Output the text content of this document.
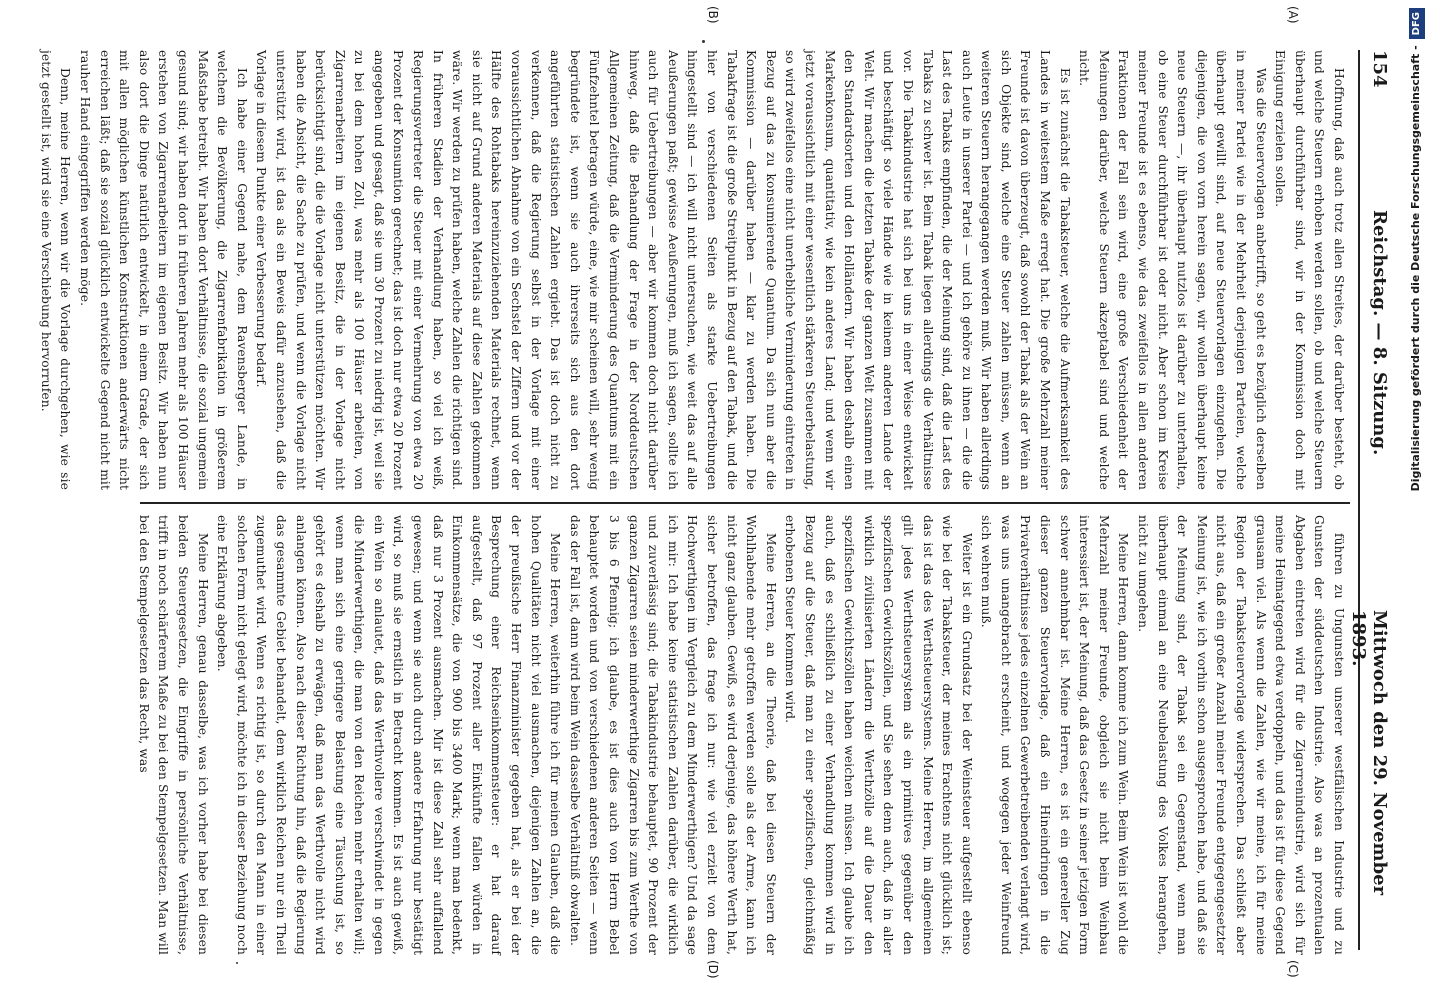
154
Reichstag. — 8. Sitzung.
Mittwoch den 29. November 1893.
(A)
(B)
(C)
(D)

Hoffnung, daß auch trotz allen Streites, der darüber besteht, ob und welche Steuern erhoben werden sollen, ob und welche Steuern überhaupt durchführbar sind, wir in der Kommission doch mit Einigung erzielen sollen.

Was die Steuervorlagen anbetrifft, so geht es bezüglich derselben in meiner Partei wie in der Mehrheit derjenigen Parteien, welche überhaupt gewillt sind, auf neue Steuervorlagen einzugehen. Die diejenigen, die von vorn herein sagen, wir wollen überhaupt keine neue Steuern —, ihr überhaupt nutzlos ist darüber zu unterhalten, ob eine Steuer durchführbar ist oder nicht. Aber schon im Kreise meiner Freunde ist es ebenso, wie das zweifellos in allen anderen Fraktionen der Fall sein wird, eine große Verschiedenheit der Meinungen darüber, welche Steuern akzeptabel sind und welche nicht.

Es ist zunächst die Tabaksteuer, welche die Aufmerksamkeit des Landes in weitestem Maße erregt hat. Die große Mehrzahl meiner Freunde ist davon überzeugt, daß sowohl der Tabak als der Wein an sich Objekte sind, welche eine Steuer zahlen müssen, wenn an weiteren Steuern herangegangen werden muß. Wir haben allerdings auch Leute in unserer Partei — und ich gehöre zu ihnen — die die Last des Tabaks empfinden, die der Meinung sind, daß die Last des Tabaks zu schwer ist. Beim Tabak liegen allerdings die Verhältnisse vor. Die Tabakindustrie hat sich bei uns in einer Weise entwickelt und beschäftigt so viele Hände wie in keinem anderen Lande der Welt. Wir machen die letzten Tabake der ganzen Welt zusammen mit den Standardsorten und den Holländern. Wir haben deshalb einen Markenkonsum, quantitativ, wie kein anderes Land; und wenn wir jetzt voraussichtlich mit einer wesentlich stärkeren Steuerbelastung, so wird zweifellos eine nicht unerhebliche Verminderung eintreten in Bezug auf das zu konsumierende Quantum. Da sich nun aber die Kommission — darüber haben — klar zu werden haben. Die Tabakfrage ist die große Streitpunkt in Bezug auf den Tabak, und die hier von verschiedenen Seiten als starke Uebertreibungen hingestellt sind — ich will nicht untersuchen, wie weit das auf alle Aeußerungen paßt; gewisse Aeußerungen, muß ich sagen, sollte ich auch für Uebertreibungen — aber wir kommen doch nicht darüber hinweg, daß die Behandlung der Frage in der Norddeutschen Allgemeinen Zeitung, daß die Verminderung des Quantums mit ein Fünfzehntel betragen würde, eine, wie mir scheinen will, sehr wenig begründete ist, wenn sie auch ihrerseits sich aus den dort angeführten statistischen Zahlen ergiebt. Das ist doch nicht zu verkennen, daß die Regierung selbst in der Vorlage mit einer voraussichtlichen Abnahme von ein Sechstel der Ziffern und vor der Hälfte des Rohtabaks hereinzuziehenden Materials rechnet, wenn sie nicht auf Grund anderen Materials auf diese Zahlen gekommen wäre. Wir werden zu prüfen haben, welche Zahlen die richtigen sind. In früheren Stadien der Verhandlung haben, so viel ich weiß, Regierungsvertreter die Steuer mit einer Vermehrung von etwa 20 Prozent der Konsumtion gerechnet; das ist doch nur etwa 20 Prozent angegeben und gesagt, daß sie um 30 Prozent zu niedrig ist, weil sie zu bei dem hohen Zoll, was mehr als 100 Häuser arbeiten, von Zigarrenarbeitern im eigenen Besitz, die in der Vorlage nicht berücksichtigt sind, die die Vorlage nicht unterstützen möchten. Wir haben die Absicht, die Sache zu prüfen, und wenn die Vorlage nicht unterstützt wird, ist das als ein Beweis dafür anzusehen, daß die Vorlage in diesem Punkte einer Verbesserung bedarf.

Ich habe einer Gegend nahe, dem Ravensberger Lande, in welchem die Bevölkerung, die Zigarrenfabrikation in größerem Maßstabe betreibt. Wir haben dort Verhältnisse, die sozial ungemein gesund sind; wir haben dort in früheren Jahren mehr als 100 Häuser erstehen von Zigarrenarbeitern im eigenen Besitz. Wir haben nun also dort die Dinge natürlich entwickelt, in einem Grade, der sich mit allen möglichen künstlichen Konstruktionen anderwärts nicht erreichen läßt; daß sie sozial glücklich entwickelte Gegend nicht mit rauher Hand eingegriffen werden möge.

Denn, meine Herren, wenn wir die Vorlage durchgehen, wie sie jetzt gestellt ist, wird sie eine Verschiebung hervorrufen.

führen zu Ungunsten unserer westfälischen Industrie und zu Gunsten der süddeutschen Industrie. Also was an prozentualen Abgaben eintreten wird für die Zigarrenindustrie, wird sich für meine Heimatgegend etwa verdoppeln, und das ist für diese Gegend grausam viel. Als wenn die Zahlen, wie wir meine, ich für meine Region der Tabaksteuervorlage widersprechen. Das schließt aber nicht aus, daß ein großer Anzahl meiner Freunde entgegengesetzter Meinung ist, wie ich vorhin schon ausgesprochen habe, und daß sie der Meinung sind, der Tabak sei ein Gegenstand, wenn man überhaupt einmal an eine Neubelastung des Volkes herangehen, nicht zu umgehen.

Meine Herren, dann komme ich zum Wein. Beim Wein ist wohl die Mehrzahl meiner Freunde, obgleich sie nicht beim Weinbau interessiert ist, der Meinung, daß das Gesetz in seiner jetzigen Form schwer annehmbar ist. Meine Herren, es ist ein genereller Zug dieser ganzen Steuervorlage, daß ein Hineindringen in die Privatverhältnisse jedes einzelnen Gewerbetreibenden verlangt wird, was uns unangebracht erscheint, und wogegen jeder Weinfreund sich wehren muß.

Weiter ist ein Grundsatz bei der Weinsteuer aufgestellt ebenso wie bei der Tabaksteuer, der meines Erachtens nicht glücklich ist; das ist das des Werthsteuersystems. Meine Herren, im allgemeinen gilt jedes Werthsteuersystem als ein primitives gegenüber den spezifischen Gewichtszöllen, und Sie sehen denn auch, daß in aller wirklich zivilisierten Ländern die Werthzölle auf die Dauer den spezifischen Gewichtszöllen haben weichen müssen. Ich glaube ich auch, daß es schließlich zu einer Verhandlung kommen wird in Bezug auf die Steuer, daß man zu einer spezifischen, gleichmäßig erhobenen Steuer kommen wird.

Meine Herren, an die Theorie, daß bei diesen Steuern der Wohlhabende mehr getroffen werden solle als der Arme, kann ich nicht ganz glauben. Gewiß, es wird derjenige, das höhere Werth hat, sicher betroffen, das frage ich nur: wie viel erzielt von dem Hochwerthigen im Vergleich zu dem Minderwerthigen? Und da sage ich mir: Ich habe keine statistischen Zahlen darüber, die wirklich und zuverlässig sind; die Tabakindustrie behauptet, 90 Prozent der ganzen Zigarren seien minderwerthige Zigarren bis zum Werthe von 3 bis 6 Pfennig; ich glaube, es ist dies auch von Herrn Bebel behauptet worden und von verschiedenen anderen Seiten — wenn das der Fall ist, dann wird beim Wein dasselbe Verhältniß obwalten.

Meine Herren, weiterhin führe ich für meinen Glauben, daß die hohen Qualitäten nicht viel ausmachen, diejenigen Zahlen an, die der preußische Herr Finanzminister gegeben hat, als er bei der Besprechung einer Reichseinkommensteuer: er hat darauf aufgestellt, daß 97 Prozent aller Einkünfte fallen würden in Einkommensätze, die von 900 bis 3400 Mark; wenn man bedenkt, daß nur 3 Prozent ausmachen. Mir ist diese Zahl sehr auffallend gewesen; und wenn sie auch durch andere Erfahrung nur bestätigt wird, so muß sie ernstlich in Betracht kommen. Es ist auch gewiß, ein Wein so anlautet, daß das Werthvollere verschwindet in gegen die Minderwerthigen, die man von den Reichen mehr erhalten will; wenn man sich eine geringere Belastung eine Täuschung ist, so gehört es deshalb zu erwägen, daß man das Werthvolle nicht wird anlangen können. Also nach dieser Richtung hin, daß die Regierung das gesammte Gebiet behandelt, dem wirklich Reichen nur ein Theil zugemuthet wird. Wenn es richtig ist, so durch den Mann in einer solchen Form nicht gelegt wird, möchte ich in dieser Beziehung noch eine Erklärung abgeben.

Meine Herren, genau dasselbe, was ich vorher habe bei diesen beiden Steuergesetzen, die Eingriffe in persönliche Verhältnisse, trifft in noch schärferem Maße zu bei den Stempelgesetzen. Man will bei den Stempelgesetzen das Recht, was

Digitalisierung gefördert durch die Deutsche Forschungsgemeinschaft -DFG
